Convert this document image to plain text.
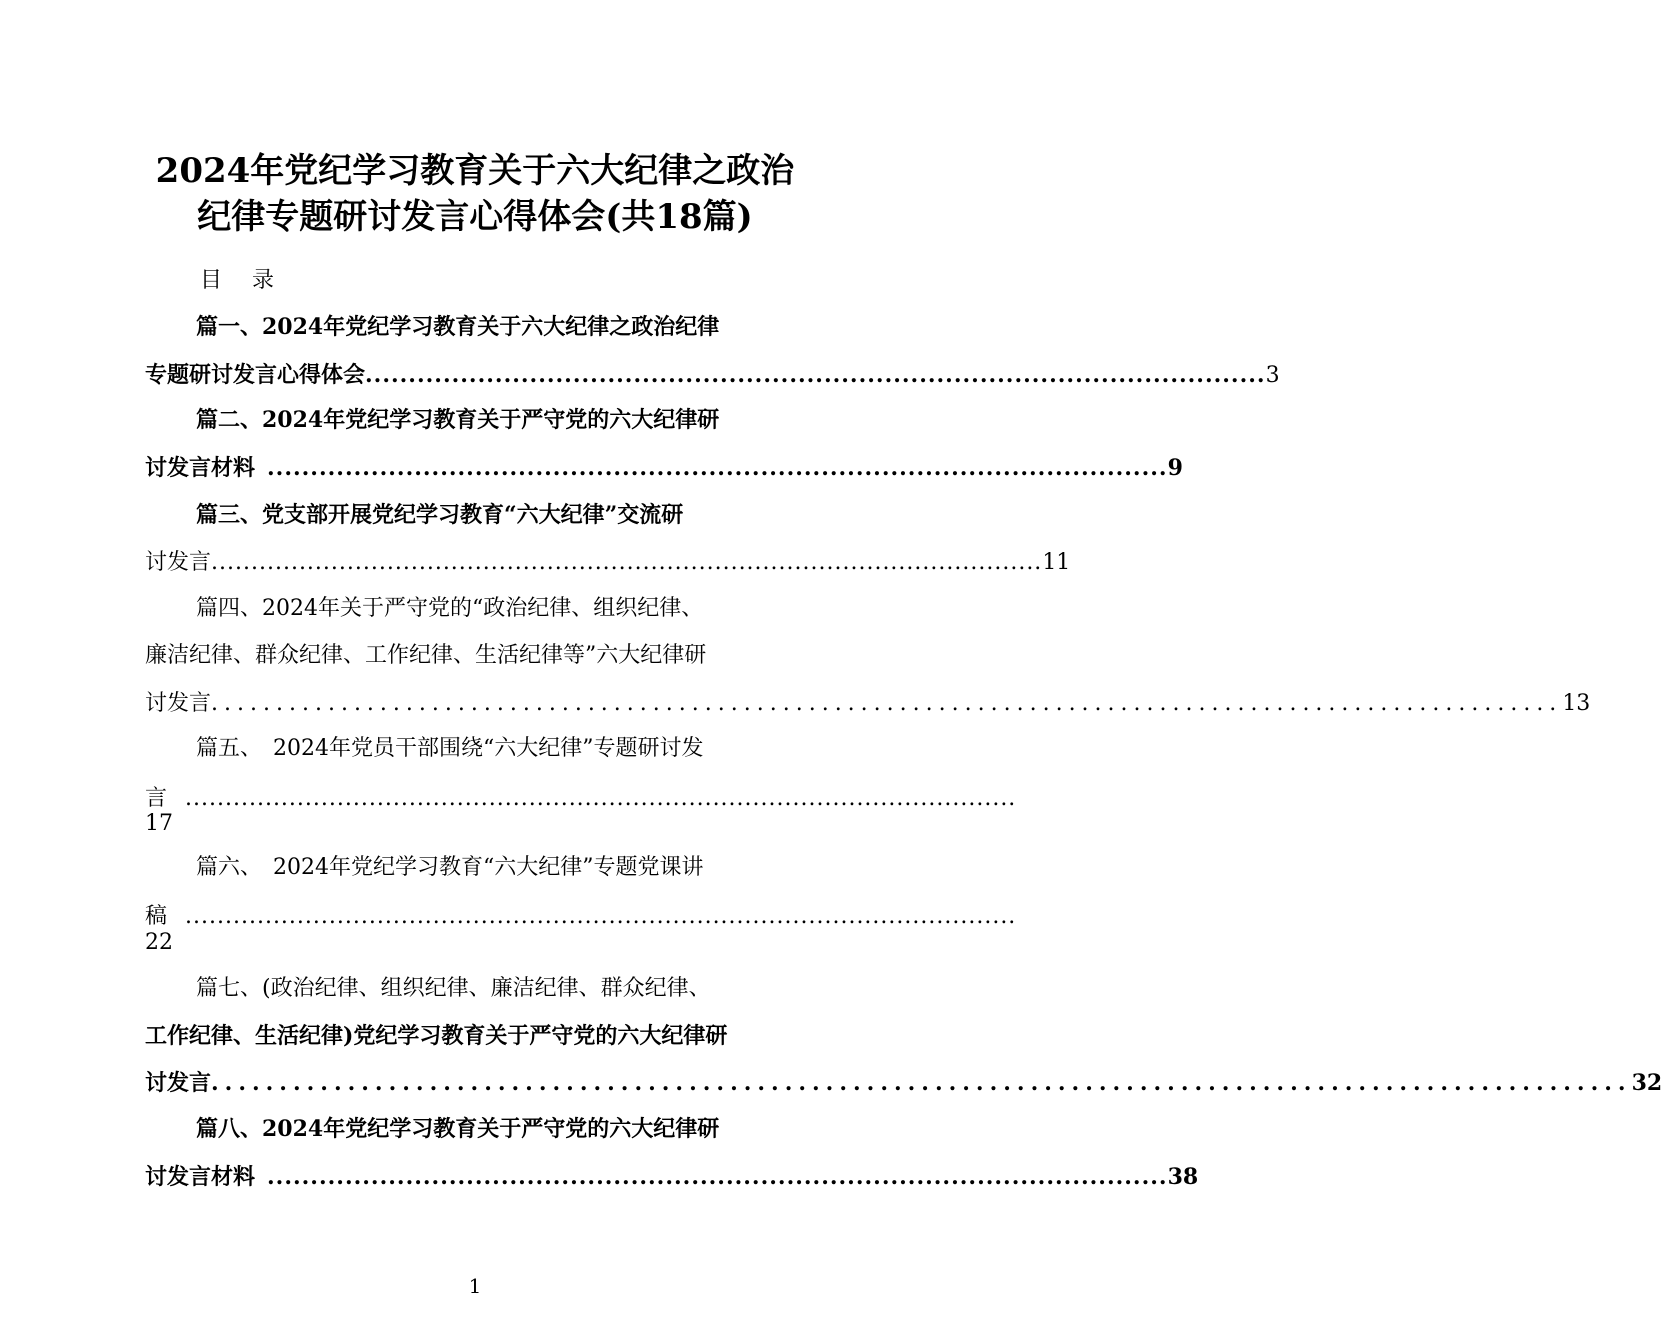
2024年党纪学习教育关于六大纪律之政治
纪律专题研讨发言心得体会(共18篇)
目 录
篇一、2024年党纪学习教育关于六大纪律之政治纪律
专题研讨发言心得体会 ........................................................................................................ 3
篇二、2024年党纪学习教育关于严守党的六大纪律研
讨发言材料 ........................................................................................................ 9
篇三、党支部开展党纪学习教育“六大纪律”交流研
讨发言 ........................................................................................................ 11
篇四、2024年关于严守党的“政治纪律、组织纪律、
廉洁纪律、群众纪律、工作纪律、生活纪律等”六大纪律研
讨发言 ........................................................................................................ 13
篇五、　2024年党员干部围绕“六大纪律”专题研讨发
言 ........................................................................................................
17
篇六、　2024年党纪学习教育“六大纪律”专题党课讲
稿 ........................................................................................................
22
篇七、(政治纪律、组织纪律、廉洁纪律、群众纪律、
工作纪律、生活纪律)党纪学习教育关于严守党的六大纪律研
讨发言 ........................................................................................................ 32
篇八、2024年党纪学习教育关于严守党的六大纪律研
讨发言材料 ........................................................................................................ 38
1
